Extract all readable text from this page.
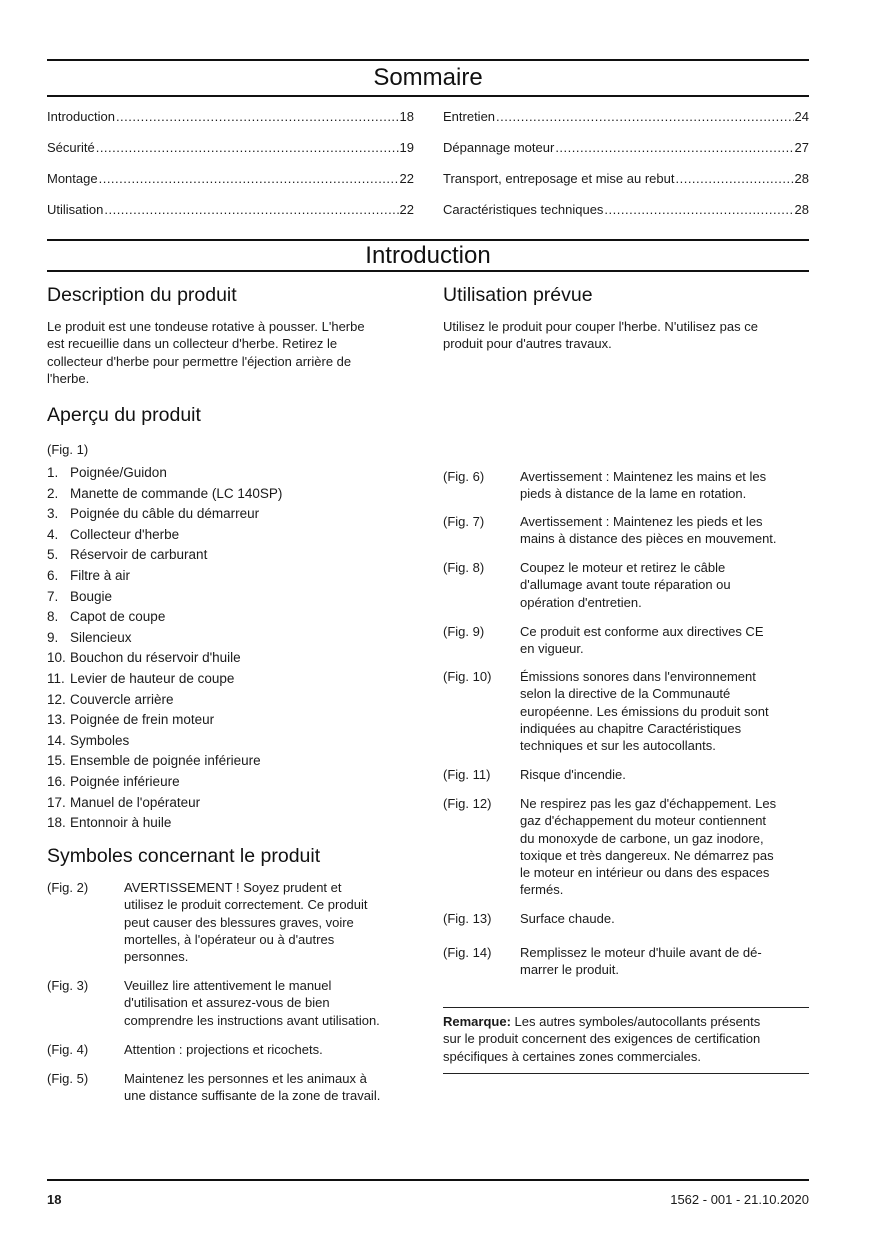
Sommaire
Introduction .....	18
Sécurité .....	19
Montage .....	22
Utilisation .....	22
Entretien .....	24
Dépannage moteur .....	27
Transport, entreposage et mise au rebut .....	28
Caractéristiques techniques .....	28
Introduction
Description du produit
Le produit est une tondeuse rotative à pousser. L'herbe
est recueillie dans un collecteur d'herbe. Retirez le
collecteur d'herbe pour permettre l'éjection arrière de
l'herbe.
Utilisation prévue
Utilisez le produit pour couper l'herbe. N'utilisez pas ce
produit pour d'autres travaux.
Aperçu du produit
(Fig. 1)
1. Poignée/Guidon
2. Manette de commande (LC 140SP)
3. Poignée du câble du démarreur
4. Collecteur d'herbe
5. Réservoir de carburant
6. Filtre à air
7. Bougie
8. Capot de coupe
9. Silencieux
10. Bouchon du réservoir d'huile
11. Levier de hauteur de coupe
12. Couvercle arrière
13. Poignée de frein moteur
14. Symboles
15. Ensemble de poignée inférieure
16. Poignée inférieure
17. Manuel de l'opérateur
18. Entonnoir à huile
Symboles concernant le produit
(Fig. 2)	AVERTISSEMENT ! Soyez prudent et
utilisez le produit correctement. Ce produit
peut causer des blessures graves, voire
mortelles, à l'opérateur ou à d'autres
personnes.
(Fig. 3)	Veuillez lire attentivement le manuel
d'utilisation et assurez-vous de bien
comprendre les instructions avant utilisation.
(Fig. 4)	Attention : projections et ricochets.
(Fig. 5)	Maintenez les personnes et les animaux à
une distance suffisante de la zone de travail.
(Fig. 6)	Avertissement : Maintenez les mains et les
pieds à distance de la lame en rotation.
(Fig. 7)	Avertissement : Maintenez les pieds et les
mains à distance des pièces en mouvement.
(Fig. 8)	Coupez le moteur et retirez le câble
d'allumage avant toute réparation ou
opération d'entretien.
(Fig. 9)	Ce produit est conforme aux directives CE
en vigueur.
(Fig. 10) Émissions sonores dans l'environnement
selon la directive de la Communauté
européenne. Les émissions du produit sont
indiquées au chapitre Caractéristiques
techniques et sur les autocollants.
(Fig. 11) Risque d'incendie.
(Fig. 12) Ne respirez pas les gaz d'échappement. Les
gaz d'échappement du moteur contiennent
du monoxyde de carbone, un gaz inodore,
toxique et très dangereux. Ne démarrez pas
le moteur en intérieur ou dans des espaces
fermés.
(Fig. 13) Surface chaude.
(Fig. 14) Remplissez le moteur d'huile avant de dé-
marrer le produit.
Remarque: Les autres symboles/autocollants présents
sur le produit concernent des exigences de certification
spécifiques à certaines zones commerciales.
18	1562 - 001 - 21.10.2020
